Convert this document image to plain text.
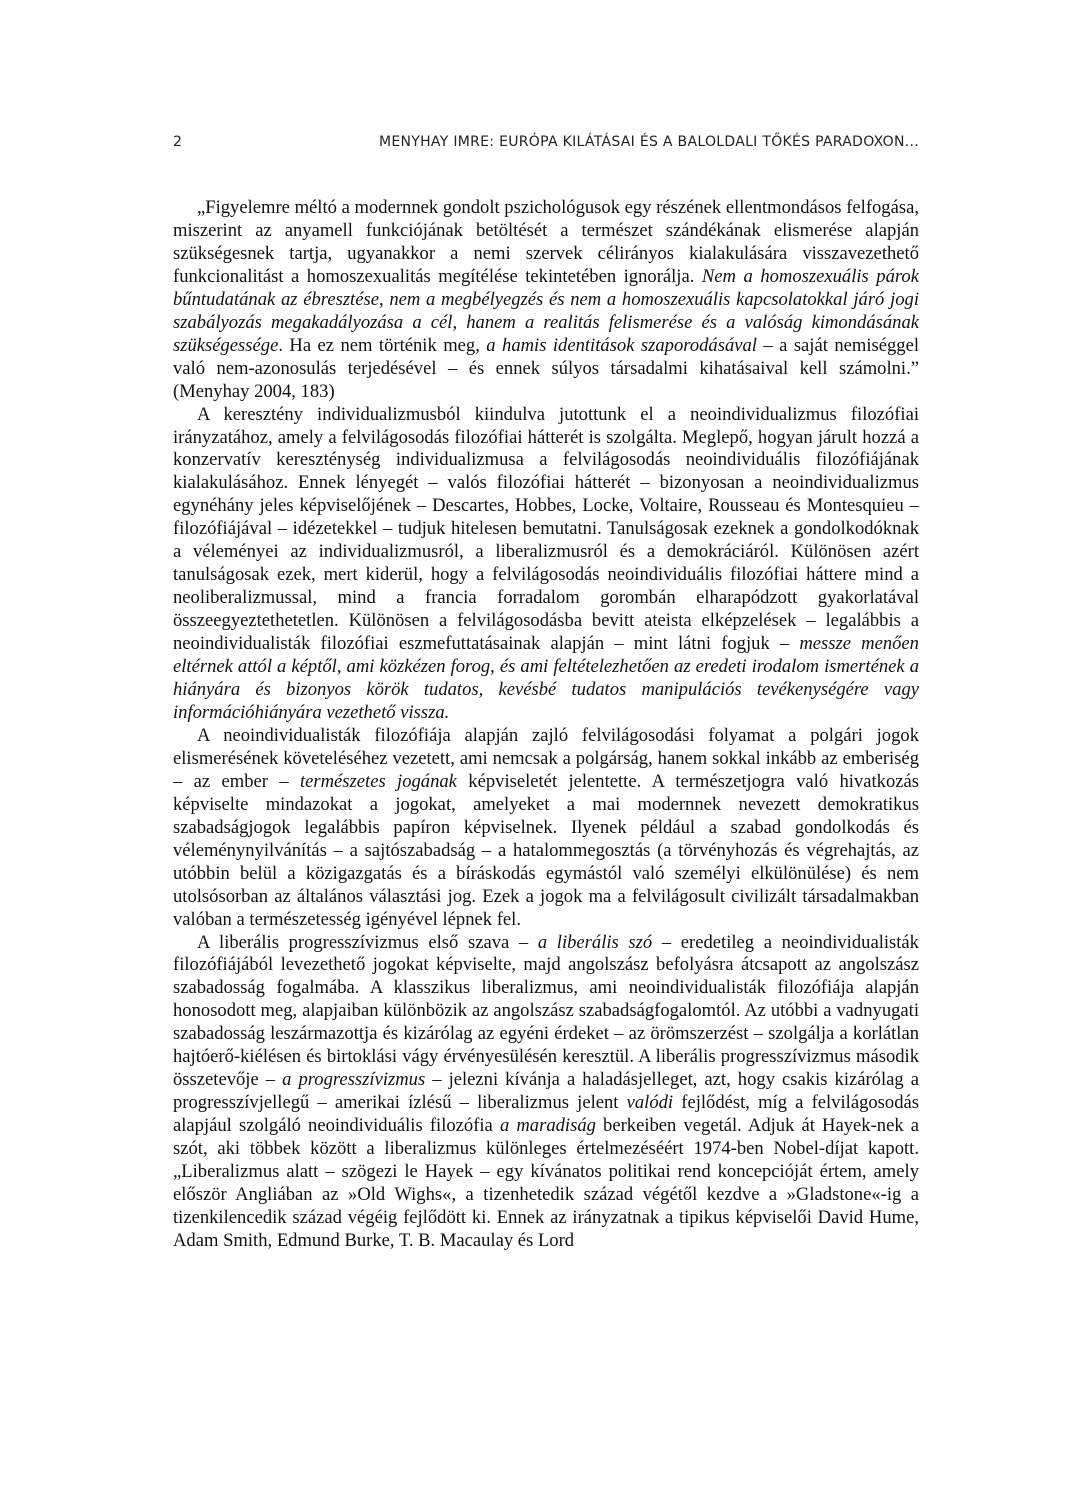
2	MENYHAY IMRE: EURÓPA KILÁTÁSAI ÉS A BALOLDALI TŐKÉS PARADOXON...

„Figyelemre méltó a modernnek gondolt pszichológusok egy részének ellentmondásos felfogása, miszerint az anyamell funkciójának betöltését a természet szándékának elismerése alapján szükségesnek tartja, ugyanakkor a nemi szervek célirányos kialakulására visszavezethető funkcionalitást a homoszexualitás megítélése tekintetében ignorálja. Nem a homoszexuális párok bűntudatának az ébresztése, nem a megbélyegzés és nem a homoszexuális kapcsolatokkal járó jogi szabályozás megakadályozása a cél, hanem a realitás felismerése és a valóság kimondásának szükségessége. Ha ez nem történik meg, a hamis identitások szaporodásával – a saját nemiséggel való nem-azonosulás terjedésével – és ennek súlyos társadalmi kihatásaival kell számolni.” (Menyhay 2004, 183)

A keresztény individualizmusból kiindulva jutottunk el a neoindividualizmus filozófiai irányzatához, amely a felvilágosodás filozófiai hátterét is szolgálta. Meglepő, hogyan járult hozzá a konzervatív kereszténység individualizmusa a felvilágosodás neoindividuális filozófiájának kialakulásához. Ennek lényegét – valós filozófiai hátterét – bizonyosan a neoindividualizmus egynéhány jeles képviselőjének – Descartes, Hobbes, Locke, Voltaire, Rousseau és Montesquieu – filozófiájával – idézetekkel – tudjuk hitelesen bemutatni. Tanulságosak ezeknek a gondolkodóknak a véleményei az individualizmusról, a liberalizmusról és a demokráciáról. Különösen azért tanulságosak ezek, mert kiderül, hogy a felvilágosodás neoindividuális filozófiai háttere mind a neoliberalizmussal, mind a francia forradalom gorombán elharapódzott gyakorlatával összeegyeztethetetlen. Különösen a felvilágosodásba bevitt ateista elképzelések – legalábbis a neoindividualisták filozófiai eszmefuttatásainak alapján – mint látni fogjuk – messze menően eltérnek attól a képtől, ami közkézen forog, és ami feltételezhetően az eredeti irodalom ismertének a hiányára és bizonyos körök tudatos, kevésbé tudatos manipulációs tevékenységére vagy információhiányára vezethető vissza.

A neoindividualisták filozófiája alapján zajló felvilágosodási folyamat a polgári jogok elismerésének követeléséhez vezetett, ami nemcsak a polgárság, hanem sokkal inkább az emberiség – az ember – természetes jogának képviseletét jelentette. A természetjogra való hivatkozás képviselte mindazokat a jogokat, amelyeket a mai modernnek nevezett demokratikus szabadságjogok legalábbis papíron képviselnek. Ilyenek például a szabad gondolkodás és véleménynyilvánítás – a sajtószabadság – a hatalommegosztás (a törvényhozás és végrehajtás, az utóbbin belül a közigazgatás és a bíráskodás egymástól való személyi elkülönülése) és nem utolsósorban az általános választási jog. Ezek a jogok ma a felvilágosult civilizált társadalmakban valóban a természetesség igényével lépnek fel.

A liberális progresszívizmus első szava – a liberális szó – eredetileg a neoindividualisták filozófiájából levezethető jogokat képviselte, majd angolszász befolyásra átcsapott az angolszász szabadosság fogalmába. A klasszikus liberalizmus, ami neoindividualisták filozófiája alapján honosodott meg, alapjaiban különbözik az angolszász szabadságfogalomtól. Az utóbbi a vadnyugati szabadosság leszármazottja és kizárólag az egyéni érdeket – az örömszerzést – szolgálja a korlátlan hajtóerő-kiélésen és birtoklási vágy érvényesülésén keresztül. A liberális progresszívizmus második összetevője – a progresszívizmus – jelezni kívánja a haladásjelleget, azt, hogy csakis kizárólag a progresszívjellegű – amerikai ízlésű – liberalizmus jelent valódi fejlődést, míg a felvilágosodás alapjául szolgáló neoindividuális filozófia a maradiság berkeiben vegetál. Adjuk át Hayek-nek a szót, aki többek között a liberalizmus különleges értelmezéséért 1974-ben Nobel-díjat kapott. „Liberalizmus alatt – szögezi le Hayek – egy kívánatos politikai rend koncepcióját értem, amely először Angliában az »Old Wighs«, a tizenhetedik század végétől kezdve a »Gladstone«-ig a tizenkilencedik század végéig fejlődött ki. Ennek az irányzatnak a tipikus képviselői David Hume, Adam Smith, Edmund Burke, T. B. Macaulay és Lord
